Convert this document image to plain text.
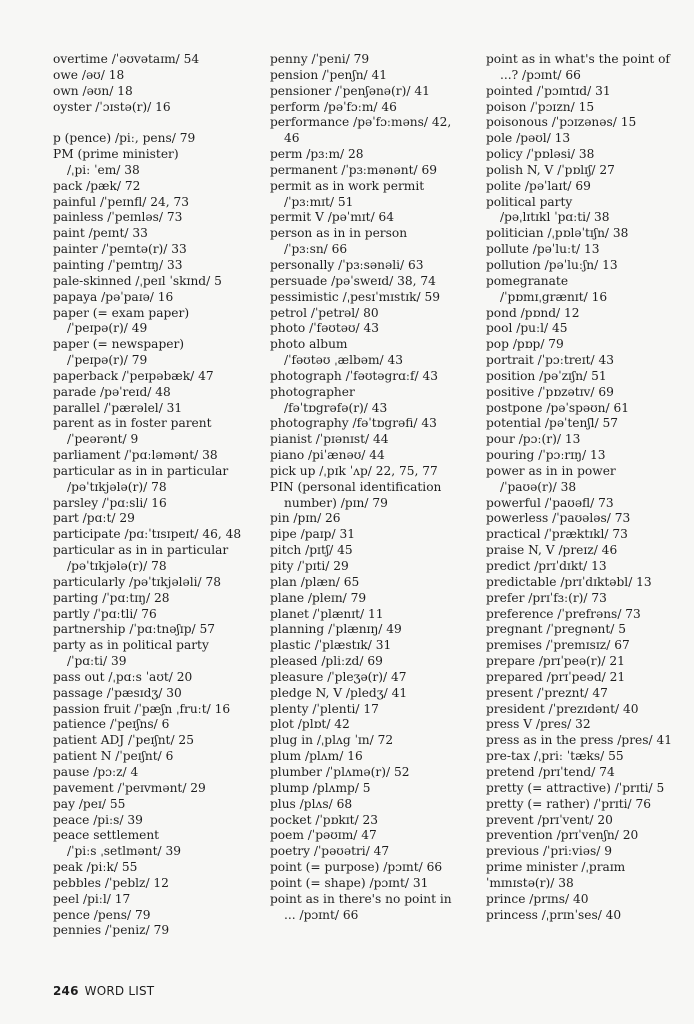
overtime /ˈəʊvətaɪm/ 54
owe /əʊ/ 18
own /əʊn/ 18
oyster /ˈɔɪstə(r)/ 16
p (pence) /piː, pens/ 79
PM (prime minister)
/ˌpiː ˈem/ 38
pack /pæk/ 72
painful /ˈpeɪnfl/ 24, 73
painless /ˈpeɪnləs/ 73
paint /peɪnt/ 33
painter /ˈpeɪntə(r)/ 33
painting /ˈpeɪntɪŋ/ 33
pale-skinned /ˌpeɪl ˈskɪnd/ 5
papaya /pəˈpaɪə/ 16
paper (= exam paper)
/ˈpeɪpə(r)/ 49
paper (= newspaper)
/ˈpeɪpə(r)/ 79
paperback /ˈpeɪpəbæk/ 47
parade /pəˈreɪd/ 48
parallel /ˈpærəlel/ 31
parent as in foster parent
/ˈpeərənt/ 9
parliament /ˈpɑːləmənt/ 38
particular as in in particular
/pəˈtɪkjələ(r)/ 78
parsley /ˈpɑːsli/ 16
part /pɑːt/ 29
participate /pɑːˈtɪsɪpeɪt/ 46, 48
particular as in in particular
/pəˈtɪkjələ(r)/ 78
particularly /pəˈtɪkjələli/ 78
parting /ˈpɑːtɪŋ/ 28
partly /ˈpɑːtli/ 76
partnership /ˈpɑːtnəʃɪp/ 57
party as in political party
/ˈpɑːti/ 39
pass out /ˌpɑːs ˈaʊt/ 20
passage /ˈpæsɪdʒ/ 30
passion fruit /ˈpæʃn ˌfruːt/ 16
patience /ˈpeɪʃns/ 6
patient ADJ /ˈpeɪʃnt/ 25
patient N /ˈpeɪʃnt/ 6
pause /pɔːz/ 4
pavement /ˈpeɪvmənt/ 29
pay /peɪ/ 55
peace /piːs/ 39
peace settlement
/ˈpiːs ˌsetlmənt/ 39
peak /piːk/ 55
pebbles /ˈpeblz/ 12
peel /piːl/ 17
pence /pens/ 79
pennies /ˈpeniz/ 79
penny /ˈpeni/ 79
pension /ˈpenʃn/ 41
pensioner /ˈpenʃənə(r)/ 41
perform /pəˈfɔːm/ 46
performance /pəˈfɔːməns/ 42,
46
perm /pɜːm/ 28
permanent /ˈpɜːmənənt/ 69
permit as in work permit
/ˈpɜːmɪt/ 51
permit V /pəˈmɪt/ 64
person as in in person
/ˈpɜːsn/ 66
personally /ˈpɜːsənəli/ 63
persuade /pəˈsweɪd/ 38, 74
pessimistic /ˌpesɪˈmɪstɪk/ 59
petrol /ˈpetrəl/ 80
photo /ˈfəʊtəʊ/ 43
photo album
/ˈfəʊtəʊ ˌælbəm/ 43
photograph /ˈfəʊtəgrɑːf/ 43
photographer
/fəˈtɒgrəfə(r)/ 43
photography /fəˈtɒgrəfi/ 43
pianist /ˈpɪənɪst/ 44
piano /piˈænəʊ/ 44
pick up /ˌpɪk ˈʌp/ 22, 75, 77
PIN (personal identification
number) /pɪn/ 79
pin /pɪn/ 26
pipe /paɪp/ 31
pitch /pɪtʃ/ 45
pity /ˈpɪti/ 29
plan /plæn/ 65
plane /pleɪn/ 79
planet /ˈplænɪt/ 11
planning /ˈplænɪŋ/ 49
plastic /ˈplæstɪk/ 31
pleased /pliːzd/ 69
pleasure /ˈpleʒə(r)/ 47
pledge N, V /pledʒ/ 41
plenty /ˈplenti/ 17
plot /plɒt/ 42
plug in /ˌplʌg ˈɪn/ 72
plum /plʌm/ 16
plumber /ˈplʌmə(r)/ 52
plump /plʌmp/ 5
plus /plʌs/ 68
pocket /ˈpɒkɪt/ 23
poem /ˈpəʊɪm/ 47
poetry /ˈpəʊətri/ 47
point (= purpose) /pɔɪnt/ 66
point (= shape) /pɔɪnt/ 31
point as in there's no point in
... /pɔɪnt/ 66
point as in what's the point of
...? /pɔɪnt/ 66
pointed /ˈpɔɪntɪd/ 31
poison /ˈpɔɪzn/ 15
poisonous /ˈpɔɪzənəs/ 15
pole /pəʊl/ 13
policy /ˈpɒləsi/ 38
polish N, V /ˈpɒlɪʃ/ 27
polite /pəˈlaɪt/ 69
political party
/pəˌlɪtɪkl ˈpɑːti/ 38
politician /ˌpɒləˈtɪʃn/ 38
pollute /pəˈluːt/ 13
pollution /pəˈluːʃn/ 13
pomegranate
/ˈpɒmɪˌgrænɪt/ 16
pond /pɒnd/ 12
pool /puːl/ 45
pop /pɒp/ 79
portrait /ˈpɔːtreɪt/ 43
position /pəˈzɪʃn/ 51
positive /ˈpɒzətɪv/ 69
postpone /pəˈspəʊn/ 61
potential /pəˈtenʃl/ 57
pour /pɔː(r)/ 13
pouring /ˈpɔːrɪŋ/ 13
power as in in power
/ˈpaʊə(r)/ 38
powerful /ˈpaʊəfl/ 73
powerless /ˈpaʊələs/ 73
practical /ˈpræktɪkl/ 73
praise N, V /preɪz/ 46
predict /prɪˈdɪkt/ 13
predictable /prɪˈdɪktəbl/ 13
prefer /prɪˈfɜː(r)/ 73
preference /ˈprefrəns/ 73
pregnant /ˈpregnənt/ 5
premises /ˈpremɪsɪz/ 67
prepare /prɪˈpeə(r)/ 21
prepared /prɪˈpeəd/ 21
present /ˈpreznt/ 47
president /ˈprezɪdənt/ 40
press V /pres/ 32
press as in the press /pres/ 41
pre-tax /ˌpriː ˈtæks/ 55
pretend /prɪˈtend/ 74
pretty (= attractive) /ˈprɪti/ 5
pretty (= rather) /ˈprɪti/ 76
prevent /prɪˈvent/ 20
prevention /prɪˈvenʃn/ 20
previous /ˈpriːviəs/ 9
prime minister /ˌpraɪm
ˈmɪnɪstə(r)/ 38
prince /prɪns/ 40
princess /ˌprɪnˈses/ 40
246 WORD LIST
